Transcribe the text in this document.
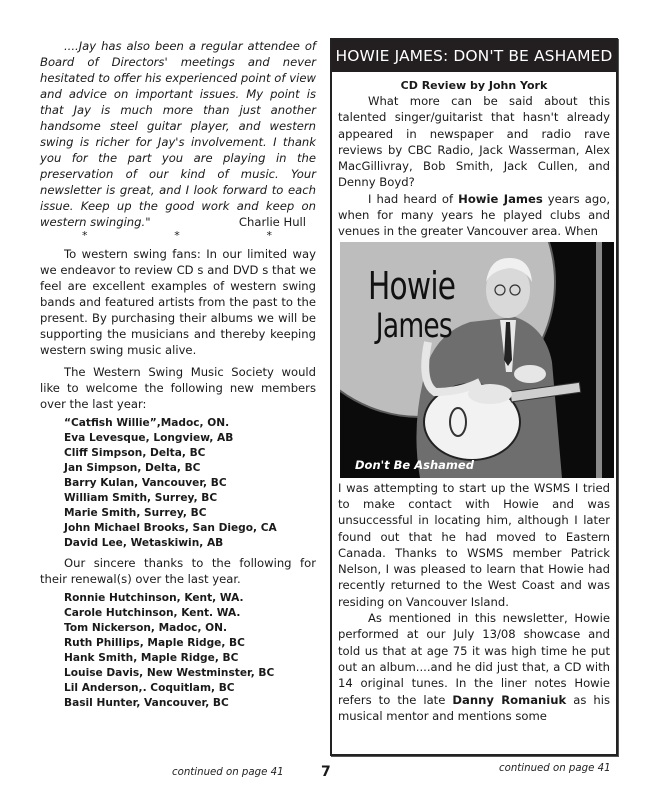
....Jay has also been a regular attendee of Board of Directors' meetings and never hesitated to offer his experienced point of view and advice on important issues. My point is that Jay is much more than just another handsome steel guitar player, and western swing is richer for Jay's involvement. I thank you for the part you are playing in the preservation of our kind of music. Your newsletter is great, and I look forward to each issue. Keep up the good work and keep on western swinging."	Charlie Hull

*	*	*

To western swing fans: In our limited way we endeavor to review CD s and DVD s that we feel are excellent examples of western swing bands and featured artists from the past to the present. By purchasing their albums we will be supporting the musicians and thereby keeping western swing music alive.

The Western Swing Music Society would like to welcome the following new members over the last year:

“Catfish Willie”,Madoc, ON.
Eva Levesque, Longview, AB
Cliff Simpson, Delta, BC
Jan Simpson, Delta, BC
Barry Kulan, Vancouver, BC
William Smith, Surrey, BC
Marie Smith, Surrey, BC
John Michael Brooks, San Diego, CA
David Lee, Wetaskiwin, AB

Our sincere thanks to the following for their renewal(s) over the last year.

Ronnie Hutchinson, Kent, WA.
Carole Hutchinson, Kent. WA.
Tom Nickerson, Madoc, ON.
Ruth Phillips, Maple Ridge, BC
Hank Smith, Maple Ridge, BC
Louise Davis, New Westminster, BC
Lil Anderson,. Coquitlam, BC
Basil Hunter, Vancouver, BC
continued on page 41	7
HOWIE JAMES: DON'T BE ASHAMED

CD Review by John York

What more can be said about this talented singer/guitarist that hasn't already appeared in newspaper and radio rave reviews by CBC Radio, Jack Wasserman, Alex MacGillivray, Bob Smith, Jack Cullen, and Denny Boyd?

I had heard of Howie James years ago, when for many years he played clubs and venues in the greater Vancouver area. When

Howie
James
Don't Be Ashamed

I was attempting to start up the WSMS I tried to make contact with Howie and was unsuccessful in locating him, although I later found out that he had moved to Eastern Canada. Thanks to WSMS member Patrick Nelson, I was pleased to learn that Howie had recently returned to the West Coast and was residing on Vancouver Island.

As mentioned in this newsletter, Howie performed at our July 13/08 showcase and told us that at age 75 it was high time he put out an album....and he did just that, a CD with 14 original tunes. In the liner notes Howie refers to the late Danny Romaniuk as his musical mentor and mentions some

continued on page 41
